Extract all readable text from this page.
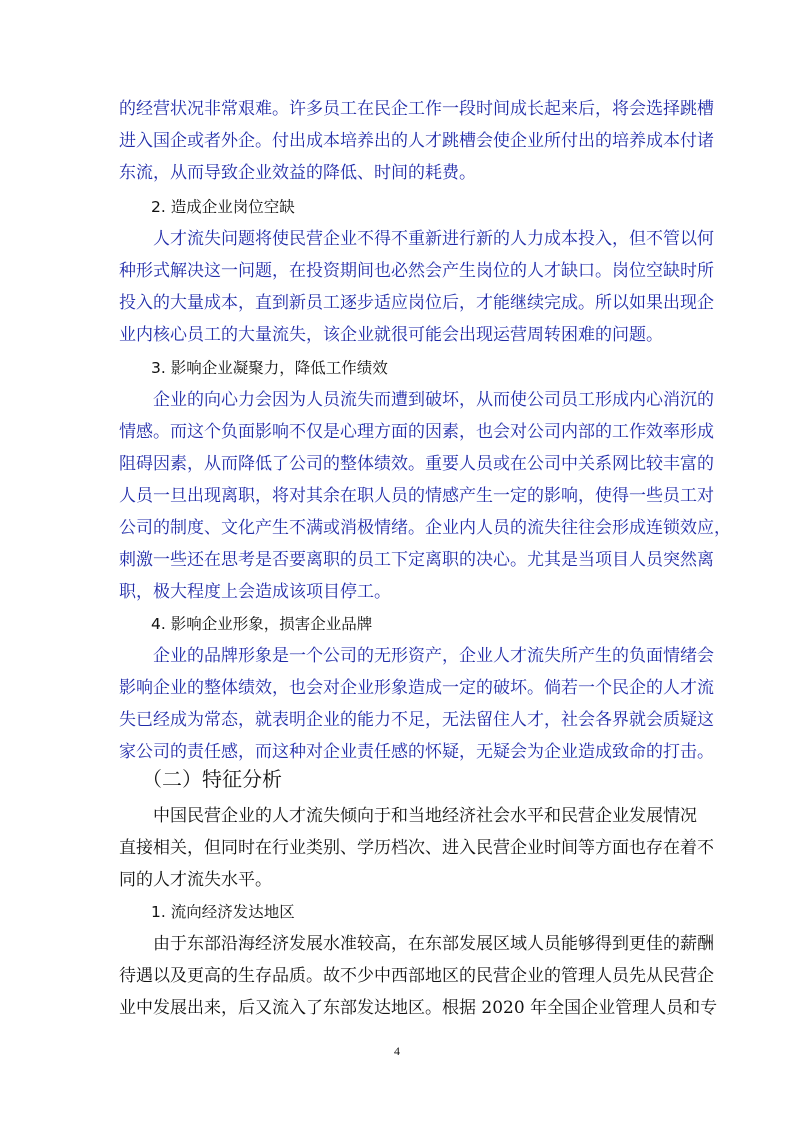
的经营状况非常艰难。许多员工在民企工作一段时间成长起来后，将会选择跳槽
进入国企或者外企。付出成本培养出的人才跳槽会使企业所付出的培养成本付诸
东流，从而导致企业效益的降低、时间的耗费。
2. 造成企业岗位空缺
人才流失问题将使民营企业不得不重新进行新的人力成本投入，但不管以何
种形式解决这一问题，在投资期间也必然会产生岗位的人才缺口。岗位空缺时所
投入的大量成本，直到新员工逐步适应岗位后，才能继续完成。所以如果出现企
业内核心员工的大量流失，该企业就很可能会出现运营周转困难的问题。
3. 影响企业凝聚力，降低工作绩效
企业的向心力会因为人员流失而遭到破坏，从而使公司员工形成内心消沉的
情感。而这个负面影响不仅是心理方面的因素，也会对公司内部的工作效率形成
阻碍因素，从而降低了公司的整体绩效。重要人员或在公司中关系网比较丰富的
人员一旦出现离职，将对其余在职人员的情感产生一定的影响，使得一些员工对
公司的制度、文化产生不满或消极情绪。企业内人员的流失往往会形成连锁效应，
刺激一些还在思考是否要离职的员工下定离职的决心。尤其是当项目人员突然离
职，极大程度上会造成该项目停工。
4. 影响企业形象，损害企业品牌
企业的品牌形象是一个公司的无形资产，企业人才流失所产生的负面情绪会
影响企业的整体绩效，也会对企业形象造成一定的破坏。倘若一个民企的人才流
失已经成为常态，就表明企业的能力不足，无法留住人才，社会各界就会质疑这
家公司的责任感，而这种对企业责任感的怀疑，无疑会为企业造成致命的打击。
（二）特征分析
中国民营企业的人才流失倾向于和当地经济社会水平和民营企业发展情况
直接相关，但同时在行业类别、学历档次、进入民营企业时间等方面也存在着不
同的人才流失水平。
1. 流向经济发达地区
由于东部沿海经济发展水准较高，在东部发展区域人员能够得到更佳的薪酬
待遇以及更高的生存品质。故不少中西部地区的民营企业的管理人员先从民营企
业中发展出来，后又流入了东部发达地区。根据 2020 年全国企业管理人员和专
4
